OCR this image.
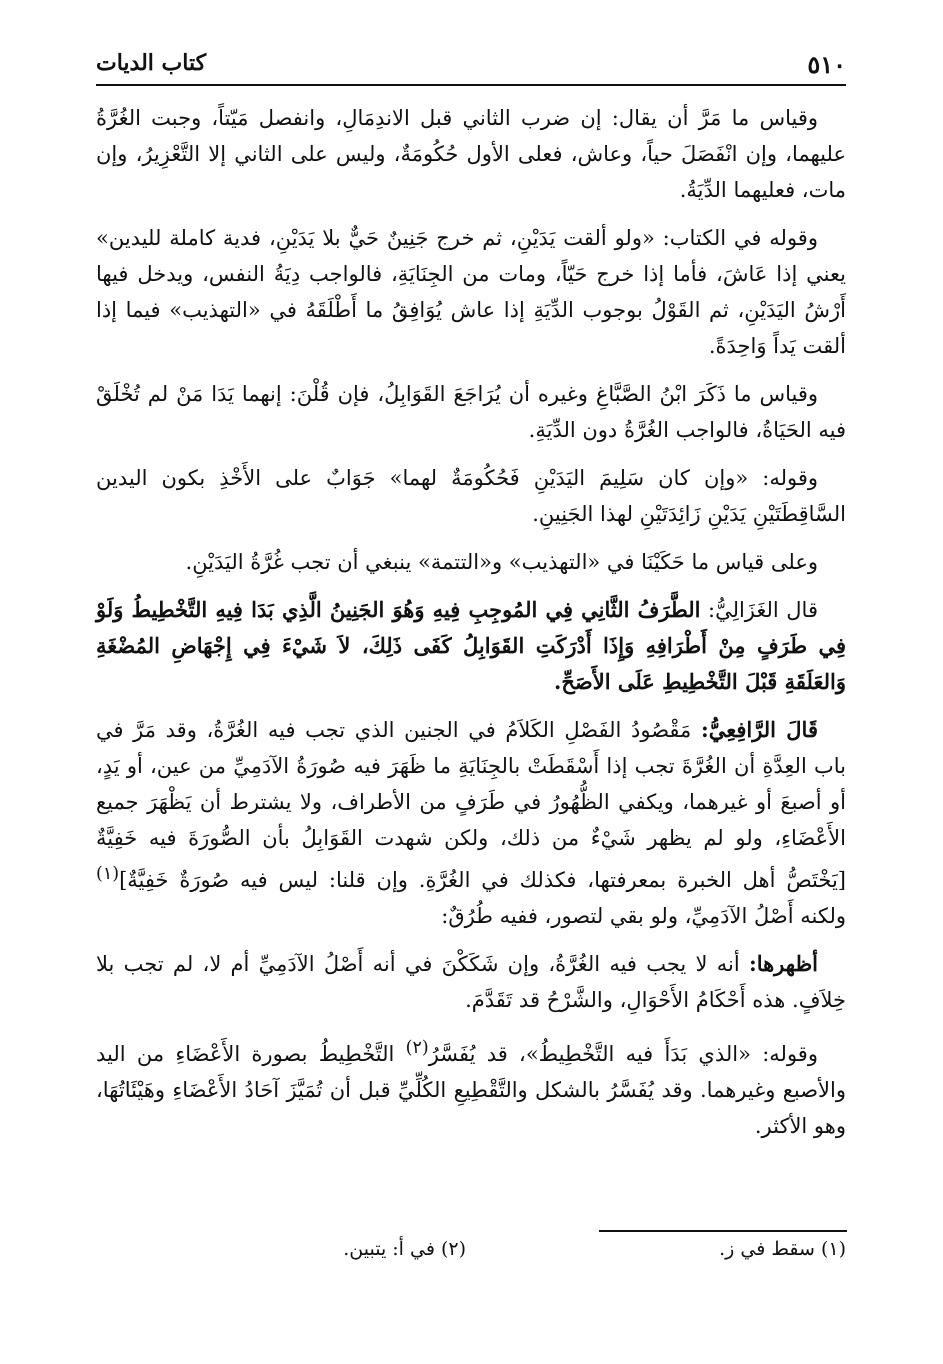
٥١٠
كتاب الديات

وقياس ما مَرَّ أن يقال: إن ضرب الثاني قبل الاندِمَالِ، وانفصل مَيّتاً، وجبت الغُرَّةُ عليهما، وإن انْفَصَلَ حياً، وعاش، فعلى الأول حُكُومَةٌ، وليس على الثاني إلا التَّعْزِيرُ، وإن مات، فعليهما الدِّيَةُ.

وقوله في الكتاب: «ولو ألقت يَدَيْنِ، ثم خرج جَنِينٌ حَيٌّ بلا يَدَيْنِ، فدية كاملة لليدين» يعني إذا عَاشَ، فأما إذا خرج حَيّاً، ومات من الجِنَايَةِ، فالواجب دِيَةُ النفس، ويدخل فيها أَرْشُ اليَدَيْنِ، ثم القَوْلُ بوجوب الدِّيَةِ إذا عاش يُوَافِقُ ما أَطْلَقَهُ في «التهذيب» فيما إذا ألقت يَداً وَاحِدَةً.

وقياس ما ذَكَرَ ابْنُ الصَّبَّاغِ وغيره أن يُرَاجَعَ القَوَابِلُ، فإن قُلْنَ: إنهما يَدَا مَنْ لم تُخْلَقْ فيه الحَيَاةُ، فالواجب الغُرَّةُ دون الدِّيَةِ.

وقوله: «وإن كان سَلِيمَ اليَدَيْنِ فَحُكُومَةٌ لهما» جَوَابٌ على الأَخْذِ بكون اليدين السَّاقِطَتَيْنِ يَدَيْنِ زَائِدَتَيْنِ لهذا الجَنِينِ.

وعلى قياس ما حَكَيْنَا في «التهذيب» و«التتمة» ينبغي أن تجب غُرَّةُ اليَدَيْنِ.

قال الغَزَالِيُّ: الطَّرَفُ الثَّانِي فِي المُوجِبِ فِيهِ وَهُوَ الجَنِينُ الَّذِي بَدَا فِيهِ التَّخْطِيطُ وَلَوْ فِي طَرَفٍ مِنْ أَطْرَافِهِ وَإِذَا أَدْرَكَتِ القَوَابِلُ كَفَى ذَلِكَ، لاَ شَيْءَ فِي إِجْهَاضِ المُضْغَةِ وَالعَلَقَةِ قَبْلَ التَّخْطِيطِ عَلَى الأَصَحِّ.

قَالَ الرَّافِعِيُّ: مَقْصُودُ الفَصْلِ الكَلاَمُ في الجنين الذي تجب فيه الغُرَّةُ، وقد مَرَّ في باب العِدَّةِ أن الغُرَّةَ تجب إذا أَسْقَطَتْ بالجِنَايَةِ ما ظَهَرَ فيه صُورَةُ الآدَمِيِّ من عين، أو يَدٍ، أو أصبعَ أو غيرهما، ويكفي الظُّهُورُ في طَرَفٍ من الأطراف، ولا يشترط أن يَظْهَرَ جميع الأَعْضَاءِ، ولو لم يظهر شَيْءٌ من ذلك، ولكن شهدت القَوَابِلُ بأن الصُّورَةَ فيه خَفِيَّةٌ [يَخْتَصُّ أهل الخبرة بمعرفتها، فكذلك في الغُرَّةِ. وإن قلنا: ليس فيه صُورَةٌ خَفِيَّةٌ]$^{(١)}$ ولكنه أَصْلُ الآدَمِيِّ، ولو بقي لتصور، ففيه طُرُقٌ:

أظهرها: أنه لا يجب فيه الغُرَّةُ، وإن شَكَكْنَ في أنه أَصْلُ الآدَمِيِّ أم لا، لم تجب بلا خِلاَفٍ. هذه أَحْكَامُ الأَحْوَالِ، والشَّرْحُ قد تَقَدَّمَ.

وقوله: «الذي بَدَأَ فيه التَّخْطِيطُ»، قد يُفَسَّرُ$^{(٢)}$ التَّخْطِيطُ بصورة الأَعْضَاءِ من اليد والأصبع وغيرهما. وقد يُفَسَّرُ بالشكل والتَّقْطِيعِ الكُلِّيِّ قبل أن تُمَيَّزَ آحَادُ الأَعْضَاءِ وهَيْئَاتُهَا، وهو الأكثر.

(١) سقط في ز.
(٢) في أ: يتبين.
